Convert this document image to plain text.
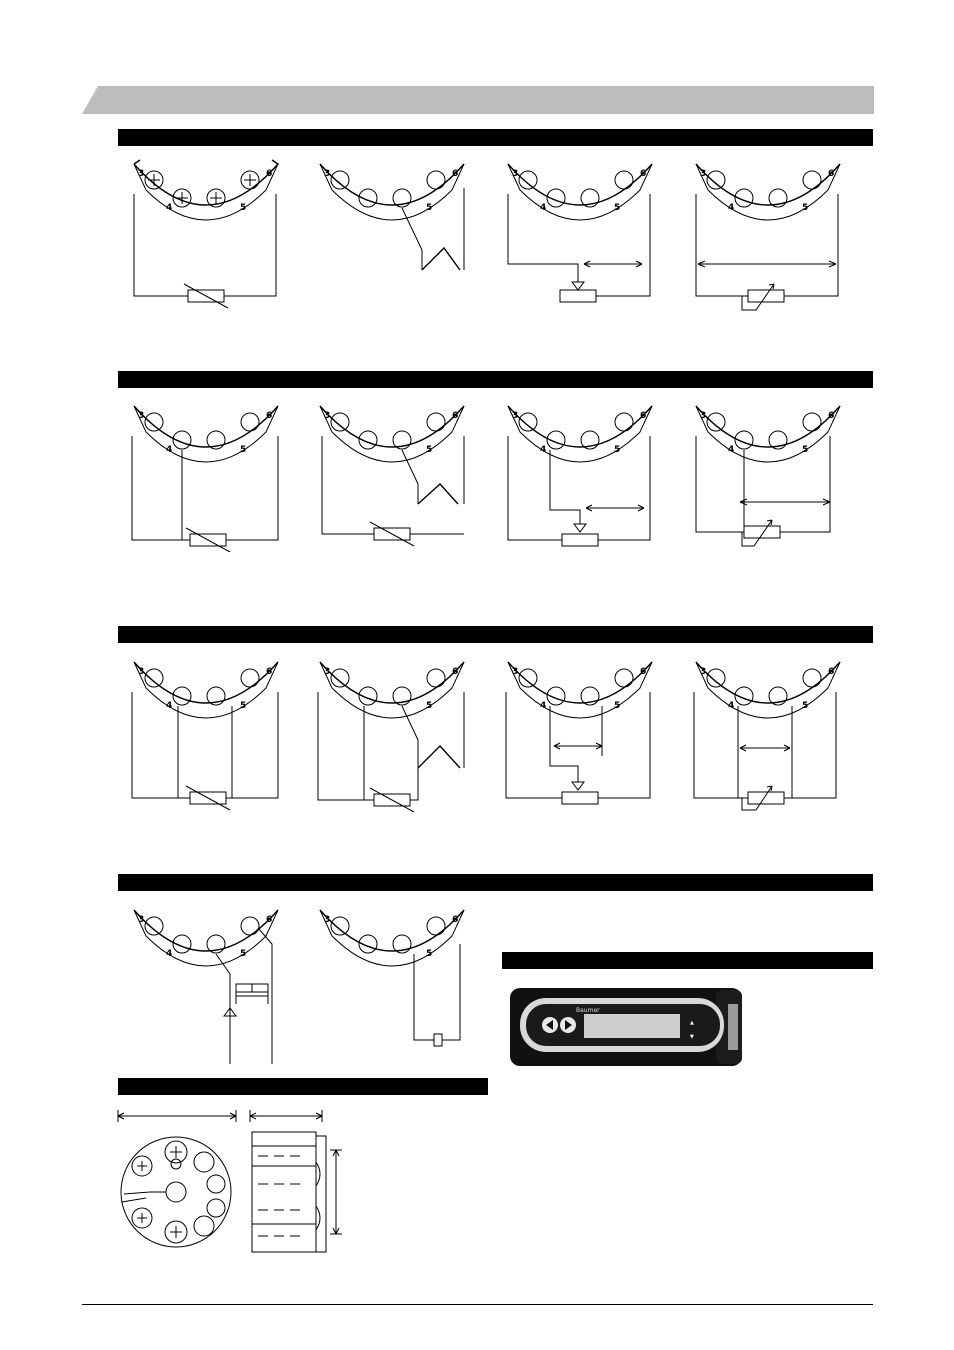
3
4	5
6	3
5
6	3
4	5
6	3
4	5
6
3
4	5
6	3
5
6	3
4	5
6	3
4	5
6
3
4	5
6	3
5
6	3
4	5
6	3
4	5
6
3
4	5
6	3
5
6
Baumer
▲
▼
